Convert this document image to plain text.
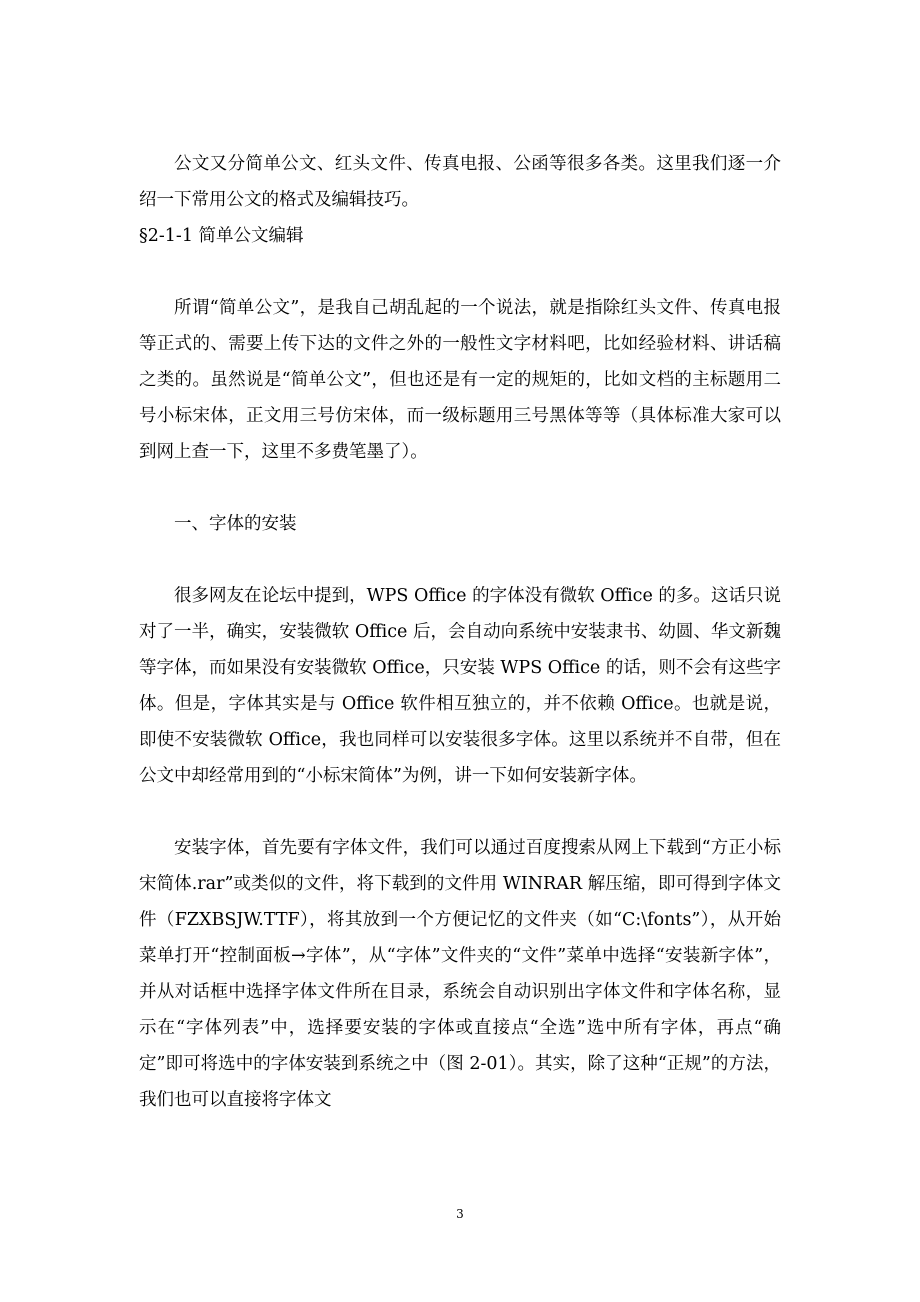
公文又分简单公文、红头文件、传真电报、公函等很多各类。这里我们逐一介绍一下常用公文的格式及编辑技巧。

§2-1-1 简单公文编辑

所谓“简单公文”，是我自己胡乱起的一个说法，就是指除红头文件、传真电报等正式的、需要上传下达的文件之外的一般性文字材料吧，比如经验材料、讲话稿之类的。虽然说是“简单公文”，但也还是有一定的规矩的，比如文档的主标题用二号小标宋体，正文用三号仿宋体，而一级标题用三号黑体等等（具体标准大家可以到网上查一下，这里不多费笔墨了）。

一、字体的安装

很多网友在论坛中提到，WPS Office 的字体没有微软 Office 的多。这话只说对了一半，确实，安装微软 Office 后，会自动向系统中安装隶书、幼圆、华文新魏等字体，而如果没有安装微软 Office，只安装 WPS Office 的话，则不会有这些字体。但是，字体其实是与 Office 软件相互独立的，并不依赖 Office。也就是说，即使不安装微软 Office，我也同样可以安装很多字体。这里以系统并不自带，但在公文中却经常用到的“小标宋简体”为例，讲一下如何安装新字体。

安装字体，首先要有字体文件，我们可以通过百度搜索从网上下载到“方正小标宋简体.rar”或类似的文件，将下载到的文件用 WINRAR 解压缩，即可得到字体文件（FZXBSJW.TTF），将其放到一个方便记忆的文件夹（如“C:\fonts”），从开始菜单打开“控制面板→字体”，从“字体”文件夹的“文件”菜单中选择“安装新字体”，并从对话框中选择字体文件所在目录，系统会自动识别出字体文件和字体名称，显示在“字体列表”中，选择要安装的字体或直接点“全选”选中所有字体，再点“确定”即可将选中的字体安装到系统之中（图 2-01）。其实，除了这种“正规”的方法，我们也可以直接将字体文

3
